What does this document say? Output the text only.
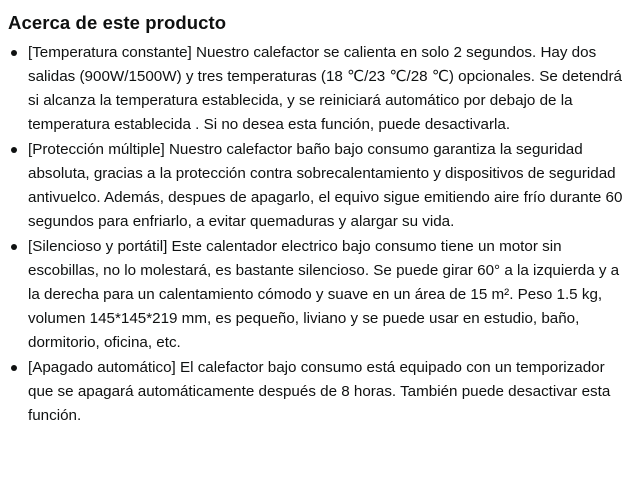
Acerca de este producto
[Temperatura constante] Nuestro calefactor se calienta en solo 2 segundos. Hay dos salidas (900W/1500W) y tres temperaturas (18 ℃/23 ℃/28 ℃) opcionales. Se detendrá si alcanza la temperatura establecida, y se reiniciará automático por debajo de la temperatura establecida . Si no desea esta función, puede desactivarla.
[Protección múltiple] Nuestro calefactor baño bajo consumo garantiza la seguridad absoluta, gracias a la protección contra sobrecalentamiento y dispositivos de seguridad antivuelco. Además, despues de apagarlo, el equivo sigue emitiendo aire frío durante 60 segundos para enfriarlo, a evitar quemaduras y alargar su vida.
[Silencioso y portátil] Este calentador electrico bajo consumo tiene un motor sin escobillas, no lo molestará, es bastante silencioso. Se puede girar 60° a la izquierda y a la derecha para un calentamiento cómodo y suave en un área de 15 m². Peso 1.5 kg, volumen 145*145*219 mm, es pequeño, liviano y se puede usar en estudio, baño, dormitorio, oficina, etc.
[Apagado automático] El calefactor bajo consumo está equipado con un temporizador que se apagará automáticamente después de 8 horas. También puede desactivar esta función.
